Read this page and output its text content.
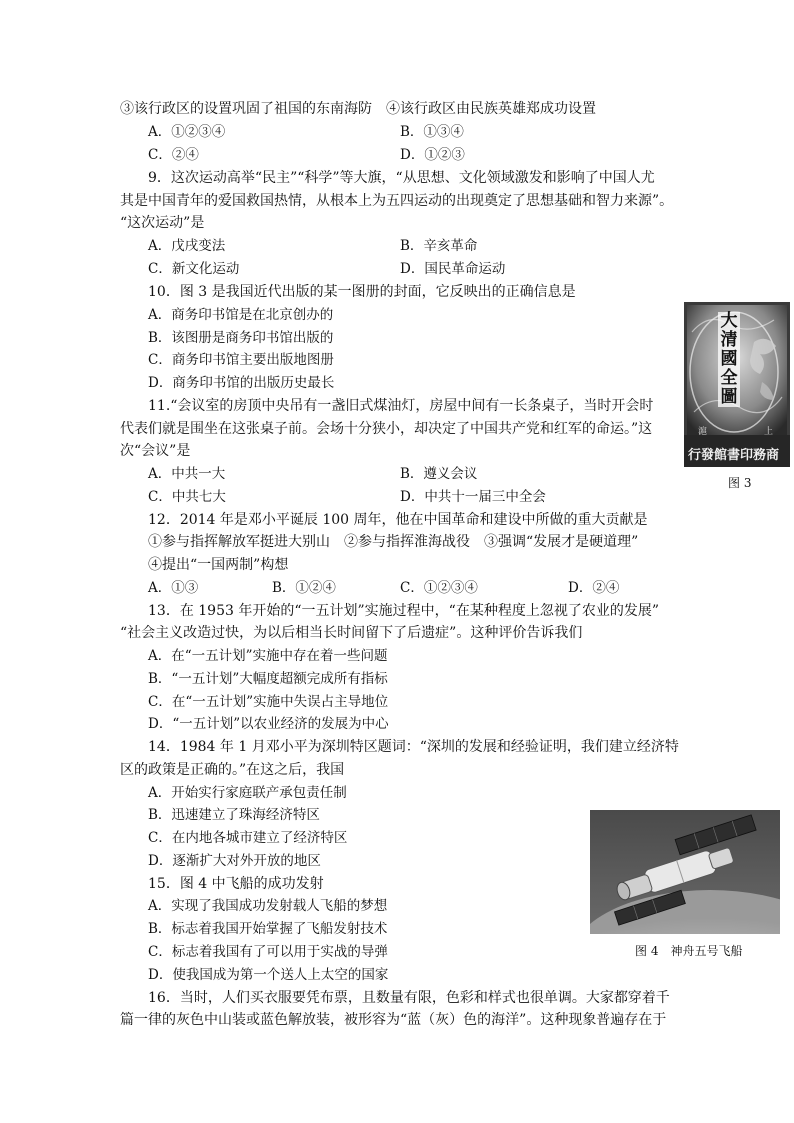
③该行政区的设置巩固了祖国的东南海防　④该行政区由民族英雄郑成功设置
A．①②③④	B．①③④
C．②④	D．①②③
9．这次运动高举“民主”“科学”等大旗，“从思想、文化领域激发和影响了中国人尤
其是中国青年的爱国救国热情，从根本上为五四运动的出现奠定了思想基础和智力来源”。
“这次运动”是
A．戊戌变法	B．辛亥革命
C．新文化运动	D．国民革命运动
10．图 3 是我国近代出版的某一图册的封面，它反映出的正确信息是
A．商务印书馆是在北京创办的
B．该图册是商务印书馆出版的
C．商务印书馆主要出版地图册
D．商务印书馆的出版历史最长
11.“会议室的房顶中央吊有一盏旧式煤油灯，房屋中间有一长条桌子，当时开会时
代表们就是围坐在这张桌子前。会场十分狭小，却决定了中国共产党和红军的命运。”这
次“会议”是
A．中共一大	B．遵义会议
C．中共七大	D．中共十一届三中全会
12．2014 年是邓小平诞辰 100 周年，他在中国革命和建设中所做的重大贡献是
①参与指挥解放军挺进大别山　②参与指挥淮海战役　③强调“发展才是硬道理”
④提出“一国两制”构想
A．①③	B．①②④	C．①②③④	D．②④
13．在 1953 年开始的“一五计划”实施过程中，“在某种程度上忽视了农业的发展”
“社会主义改造过快，为以后相当长时间留下了后遗症”。这种评价告诉我们
A．在“一五计划”实施中存在着一些问题
B．“一五计划”大幅度超额完成所有指标
C．在“一五计划”实施中失误占主导地位
D．“一五计划”以农业经济的发展为中心
14．1984 年 1 月邓小平为深圳特区题词：“深圳的发展和经验证明，我们建立经济特
区的政策是正确的。”在这之后，我国
A．开始实行家庭联产承包责任制
B．迅速建立了珠海经济特区
C．在内地各城市建立了经济特区
D．逐渐扩大对外开放的地区
15．图 4 中飞船的成功发射
A．实现了我国成功发射载人飞船的梦想
B．标志着我国开始掌握了飞船发射技术
C．标志着我国有了可以用于实战的导弹
D．使我国成为第一个送人上太空的国家
16．当时，人们买衣服要凭布票，且数量有限，色彩和样式也很单调。大家都穿着千
篇一律的灰色中山装或蓝色解放装，被形容为“蓝（灰）色的海洋”。这种现象普遍存在于
大清國全圖
滬	上
行發館書印務商
图 3
图 4　神舟五号飞船
